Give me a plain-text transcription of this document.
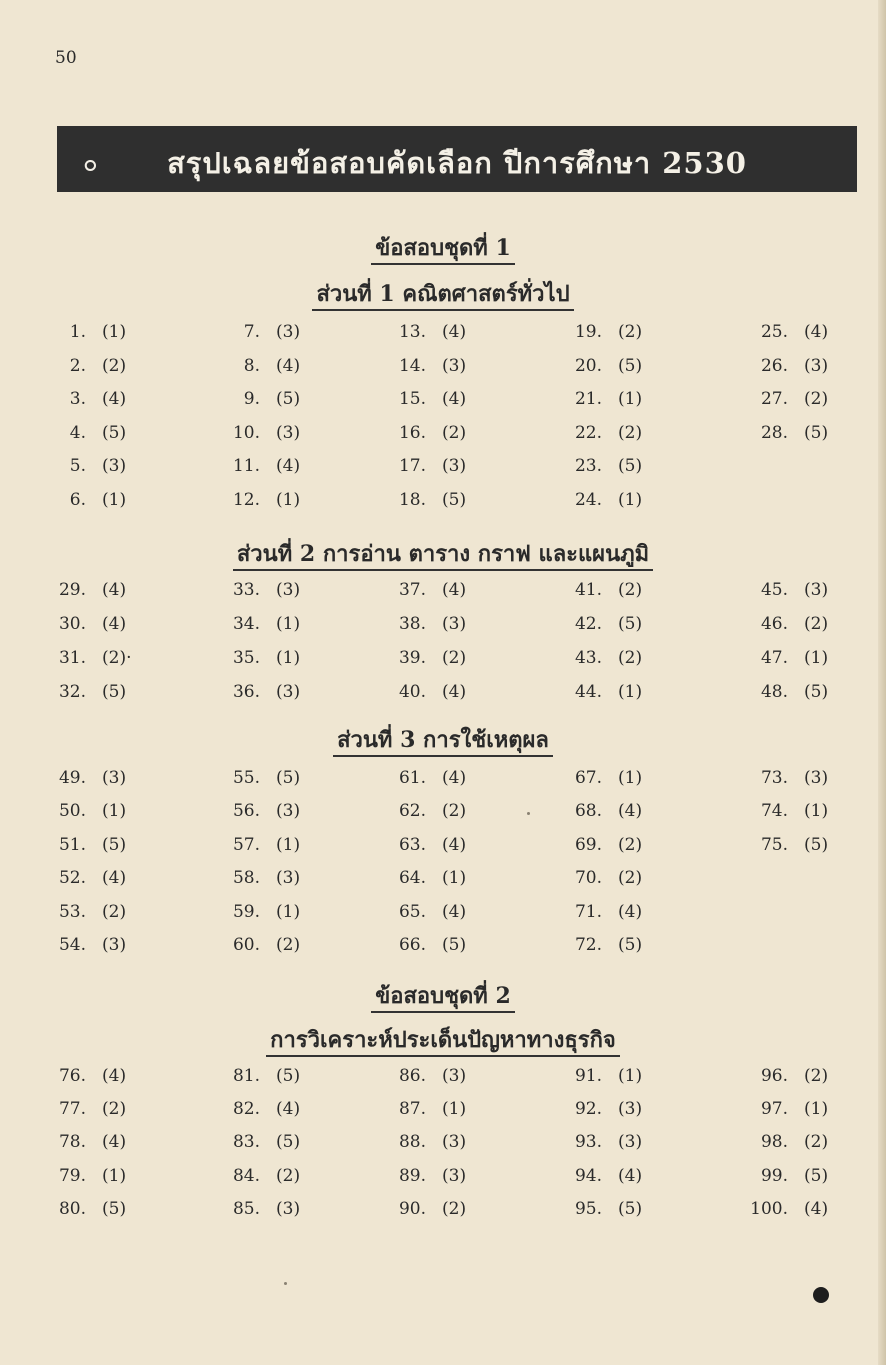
50
๐	สรุปเฉลยข้อสอบคัดเลือก ปีการศึกษา 2530
ข้อสอบชุดที่ 1
ส่วนที่ 1 คณิตศาสตร์ทั่วไป
1. (1)	7. (3)	13. (4)	19. (2)	25. (4)
2. (2)	8. (4)	14. (3)	20. (5)	26. (3)
3. (4)	9. (5)	15. (4)	21. (1)	27. (2)
4. (5)	10. (3)	16. (2)	22. (2)	28. (5)
5. (3)	11. (4)	17. (3)	23. (5)
6. (1)	12. (1)	18. (5)	24. (1)
ส่วนที่ 2 การอ่าน ตาราง กราฟ และแผนภูมิ
29. (4)	33. (3)	37. (4)	41. (2)	45. (3)
30. (4)	34. (1)	38. (3)	42. (5)	46. (2)
31. (2)·	35. (1)	39. (2)	43. (2)	47. (1)
32. (5)	36. (3)	40. (4)	44. (1)	48. (5)
ส่วนที่ 3 การใช้เหตุผล
49. (3)	55. (5)	61. (4)	67. (1)	73. (3)
50. (1)	56. (3)	62. (2)	68. (4)	74. (1)
51. (5)	57. (1)	63. (4)	69. (2)	75. (5)
52. (4)	58. (3)	64. (1)	70. (2)
53. (2)	59. (1)	65. (4)	71. (4)
54. (3)	60. (2)	66. (5)	72. (5)
ข้อสอบชุดที่ 2
การวิเคราะห์ประเด็นปัญหาทางธุรกิจ
76. (4)	81. (5)	86. (3)	91. (1)	96. (2)
77. (2)	82. (4)	87. (1)	92. (3)	97. (1)
78. (4)	83. (5)	88. (3)	93. (3)	98. (2)
79. (1)	84. (2)	89. (3)	94. (4)	99. (5)
80. (5)	85. (3)	90. (2)	95. (5)	100. (4)
